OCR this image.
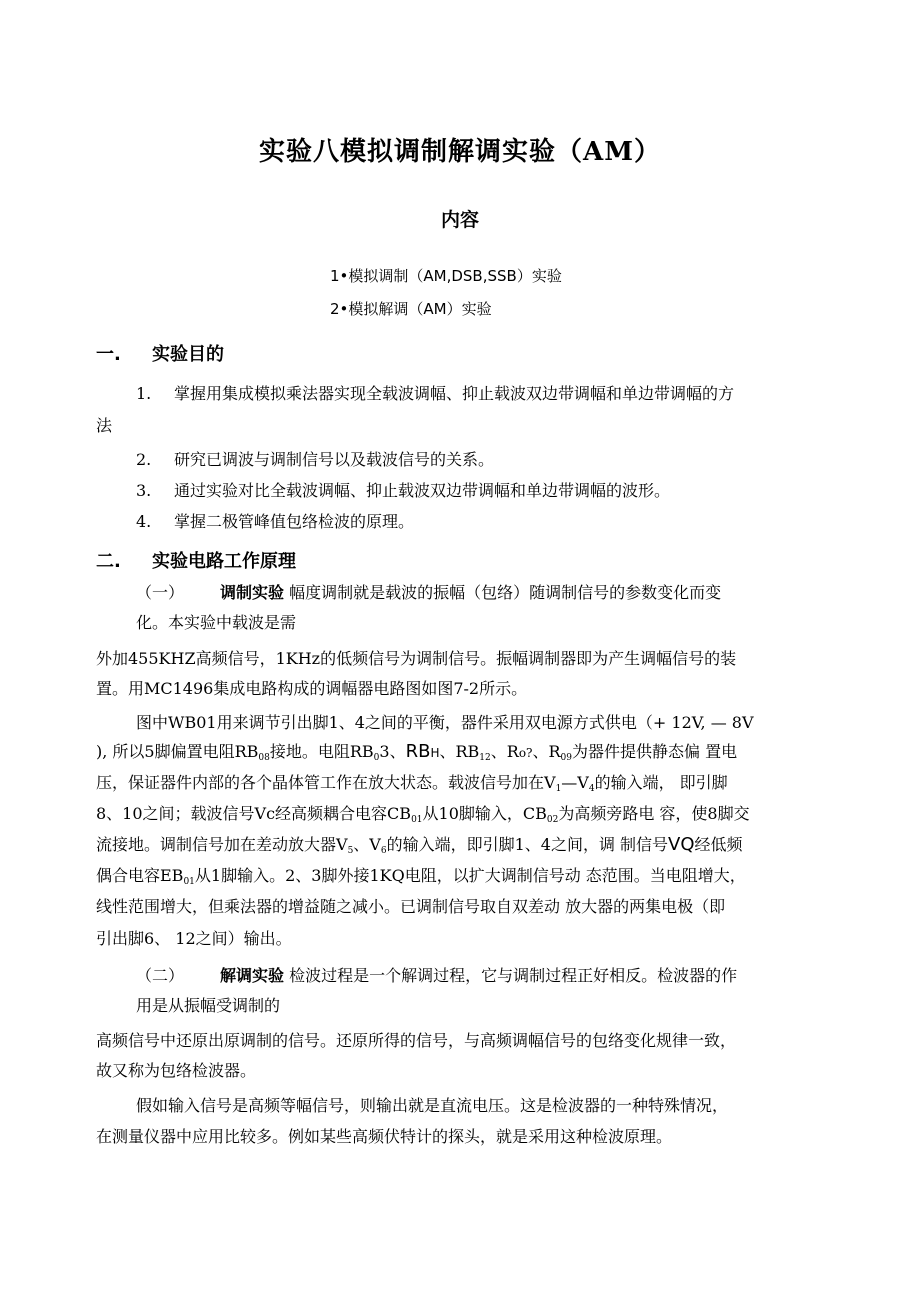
实验八模拟调制解调实验（AM）
内容
1•模拟调制（AM,DSB,SSB）实验
2•模拟解调（AM）实验
一. 实验目的
1. 掌握用集成模拟乘法器实现全载波调幅、抑止载波双边带调幅和单边带调幅的方
法
2. 研究已调波与调制信号以及载波信号的关系。
3. 通过实验对比全载波调幅、抑止载波双边带调幅和单边带调幅的波形。
4. 掌握二极管峰值包络检波的原理。
二. 实验电路工作原理
（一） 调制实验 幅度调制就是载波的振幅（包络）随调制信号的参数变化而变
化。本实验中载波是需
外加455KHZ高频信号，1KHz的低频信号为调制信号。振幅调制器即为产生调幅信号的装
置。用MC1496集成电路构成的调幅器电路图如图7-2所示。
图中WB01用来调节引出脚1、4之间的平衡，器件采用双电源方式供电（+ 12V, — 8V
), 所以5脚偏置电阻$RB_{08}$接地。电阻$RB_03$、RBH、$RB_{12}$、Ro?、$R_{09}$为器件提供静态偏 置电
压，保证器件内部的各个晶体管工作在放大状态。载波信号加在$V_1—V_4$的输入端， 即引脚
8、10之间；载波信号Vc经高频耦合电容$CB_{01}$从10脚输入，$CB_{02}$为高频旁路电 容，使8脚交
流接地。调制信号加在差动放大器$V_5$、$V_6$的输入端，即引脚1、4之间，调 制信号VQ经低频
偶合电容$EB_{01}$从1脚输入。2、3脚外接1KQ电阻，以扩大调制信号动 态范围。当电阻增大，
线性范围增大，但乘法器的增益随之减小。已调制信号取自双差动 放大器的两集电极（即
引出脚6、 12之间）输出。
（二） 解调实验 检波过程是一个解调过程，它与调制过程正好相反。检波器的作
用是从振幅受调制的
高频信号中还原出原调制的信号。还原所得的信号，与高频调幅信号的包络变化规律一致，
故又称为包络检波器。
假如输入信号是高频等幅信号，则输出就是直流电压。这是检波器的一种特殊情况，
在测量仪器中应用比较多。例如某些高频伏特计的探头，就是采用这种检波原理。
